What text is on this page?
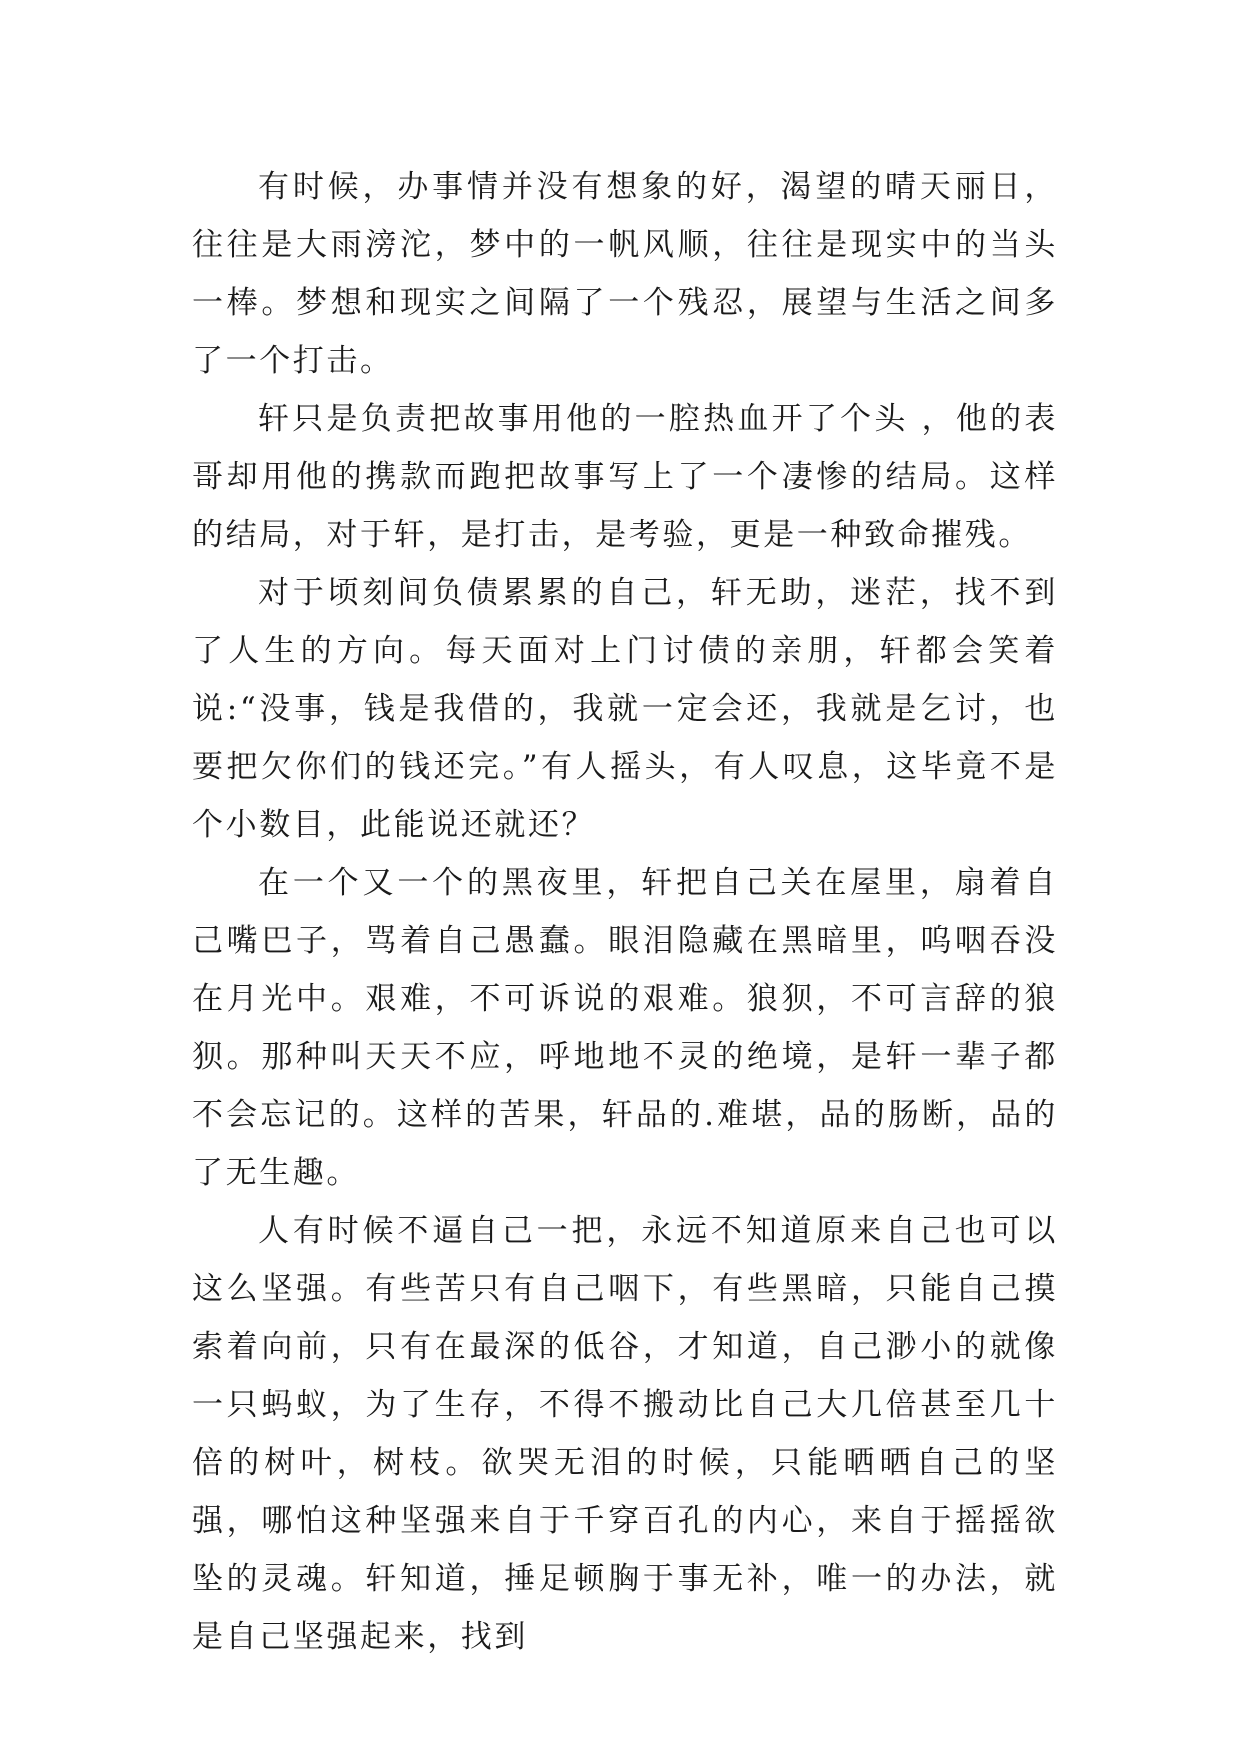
有时候，办事情并没有想象的好，渴望的晴天丽日，往往是大雨滂沱，梦中的一帆风顺，往往是现实中的当头一棒。梦想和现实之间隔了一个残忍，展望与生活之间多了一个打击。

轩只是负责把故事用他的一腔热血开了个头 ，他的表哥却用他的携款而跑把故事写上了一个凄惨的结局。这样的结局，对于轩，是打击，是考验，更是一种致命摧残。

对于顷刻间负债累累的自己，轩无助，迷茫，找不到了人生的方向。每天面对上门讨债的亲朋，轩都会笑着说:“没事，钱是我借的，我就一定会还，我就是乞讨，也要把欠你们的钱还完。”有人摇头，有人叹息，这毕竟不是个小数目，此能说还就还？

在一个又一个的黑夜里，轩把自己关在屋里，扇着自己嘴巴子，骂着自己愚蠢。眼泪隐藏在黑暗里，呜咽吞没在月光中。艰难，不可诉说的艰难。狼狈，不可言辞的狼狈。那种叫天天不应，呼地地不灵的绝境，是轩一辈子都不会忘记的。这样的苦果，轩品的.难堪，品的肠断，品的了无生趣。

人有时候不逼自己一把，永远不知道原来自己也可以这么坚强。有些苦只有自己咽下，有些黑暗，只能自己摸索着向前，只有在最深的低谷，才知道，自己渺小的就像一只蚂蚁，为了生存，不得不搬动比自己大几倍甚至几十倍的树叶，树枝。欲哭无泪的时候，只能晒晒自己的坚强，哪怕这种坚强来自于千穿百孔的内心，来自于摇摇欲坠的灵魂。轩知道，捶足顿胸于事无补，唯一的办法，就是自己坚强起来，找到
